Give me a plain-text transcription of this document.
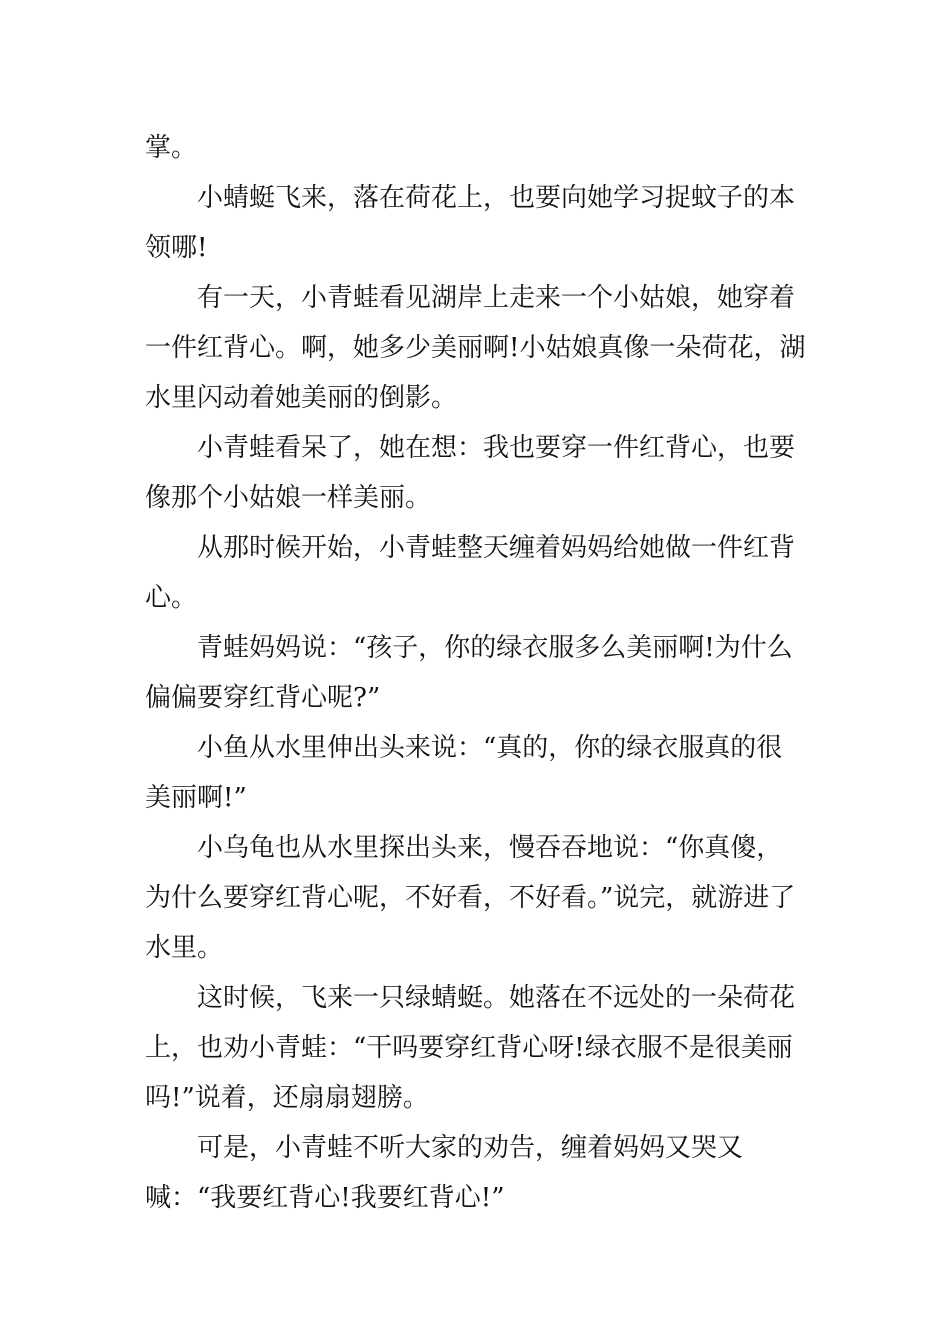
掌。

　　小蜻蜓飞来，落在荷花上，也要向她学习捉蚊子的本领哪!

　　有一天，小青蛙看见湖岸上走来一个小姑娘，她穿着一件红背心。啊，她多少美丽啊!小姑娘真像一朵荷花，湖水里闪动着她美丽的倒影。

　　小青蛙看呆了，她在想：我也要穿一件红背心，也要像那个小姑娘一样美丽。

　　从那时候开始，小青蛙整天缠着妈妈给她做一件红背心。

　　青蛙妈妈说：“孩子，你的绿衣服多么美丽啊!为什么偏偏要穿红背心呢?”

　　小鱼从水里伸出头来说：“真的，你的绿衣服真的很美丽啊!”

　　小乌龟也从水里探出头来，慢吞吞地说：“你真傻，为什么要穿红背心呢，不好看，不好看。”说完，就游进了水里。

　　这时候，飞来一只绿蜻蜓。她落在不远处的一朵荷花上，也劝小青蛙：“干吗要穿红背心呀!绿衣服不是很美丽吗!”说着，还扇扇翅膀。

　　可是，小青蛙不听大家的劝告，缠着妈妈又哭又喊：“我要红背心!我要红背心!”
